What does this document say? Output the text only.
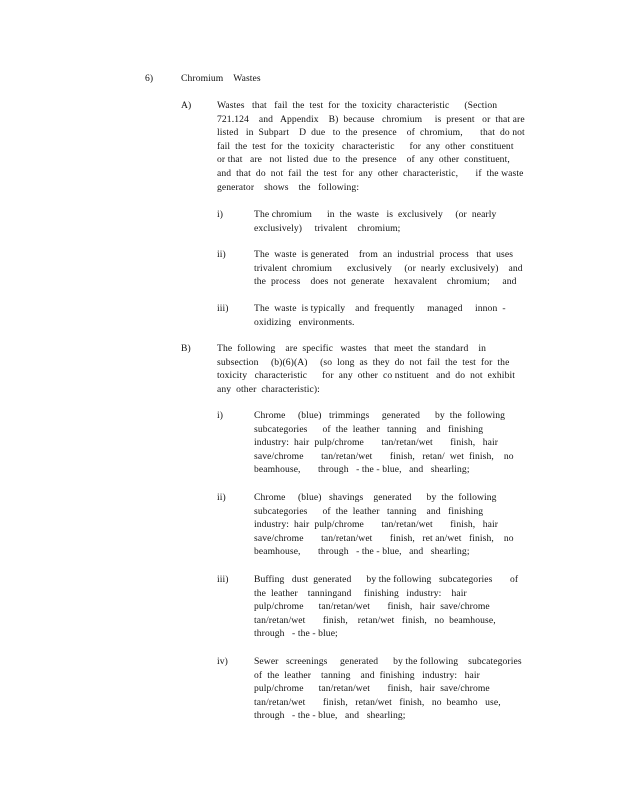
6)	Chromium    Wastes

A)	Wastes   that   fail  the  test  for  the  toxicity  characteristic      (Section

721.124    and   Appendix    B)  because   chromium     is  present   or  that are

listed   in  Subpart    D  due   to  the  presence    of  chromium,       that  do not

fail  the  test  for  the  toxicity   characteristic      for  any  other  constituent

or that   are   not  listed  due  to  the  presence    of  any  other  constituent,

and  that  do  not  fail  the  test  for  any  other  characteristic,       if  the waste

generator    shows    the   following:

i)	The chromium      in  the  waste   is  exclusively     (or  nearly

exclusively)     trivalent    chromium;

ii)	The  waste  is generated    from  an  industrial  process   that  uses

trivalent  chromium      exclusively     (or  nearly  exclusively)    and

the  process    does  not  generate    hexavalent    chromium;     and

iii)	The  waste  is typically    and  frequently     managed     innon  -

oxidizing   environments.

B)	The  following    are  specific   wastes   that  meet  the  standard    in

subsection     (b)(6)(A)     (so  long  as  they  do  not  fail  the  test  for  the

toxicity   characteristic      for  any  other  co nstituent   and  do  not  exhibit

any  other  characteristic):

i)	Chrome     (blue)   trimmings     generated      by  the  following

subcategories      of  the  leather   tanning    and   finishing

industry:  hair  pulp/chrome       tan/retan/wet       finish,   hair

save/chrome       tan/retan/wet       finish,   retan/  wet  finish,    no

beamhouse,       through   - the - blue,   and   shearling;

ii)	Chrome     (blue)   shavings    generated      by  the  following

subcategories      of  the  leather   tanning    and   finishing

industry:  hair  pulp/chrome       tan/retan/wet       finish,   hair

save/chrome       tan/retan/wet       finish,   ret an/wet   finish,    no

beamhouse,       through   - the - blue,   and   shearling;

iii)	Buffing   dust  generated      by the following   subcategories       of

the  leather    tanningand     finishing   industry:    hair

pulp/chrome      tan/retan/wet       finish,   hair  save/chrome

tan/retan/wet       finish,    retan/wet   finish,   no  beamhouse,

through   - the - blue;

iv)	Sewer   screenings     generated      by the following    subcategories

of  the  leather    tanning    and  finishing   industry:   hair

pulp/chrome      tan/retan/wet       finish,   hair  save/chrome

tan/retan/wet       finish,   retan/wet   finish,   no  beamho   use,

through   - the - blue,   and   shearling;
